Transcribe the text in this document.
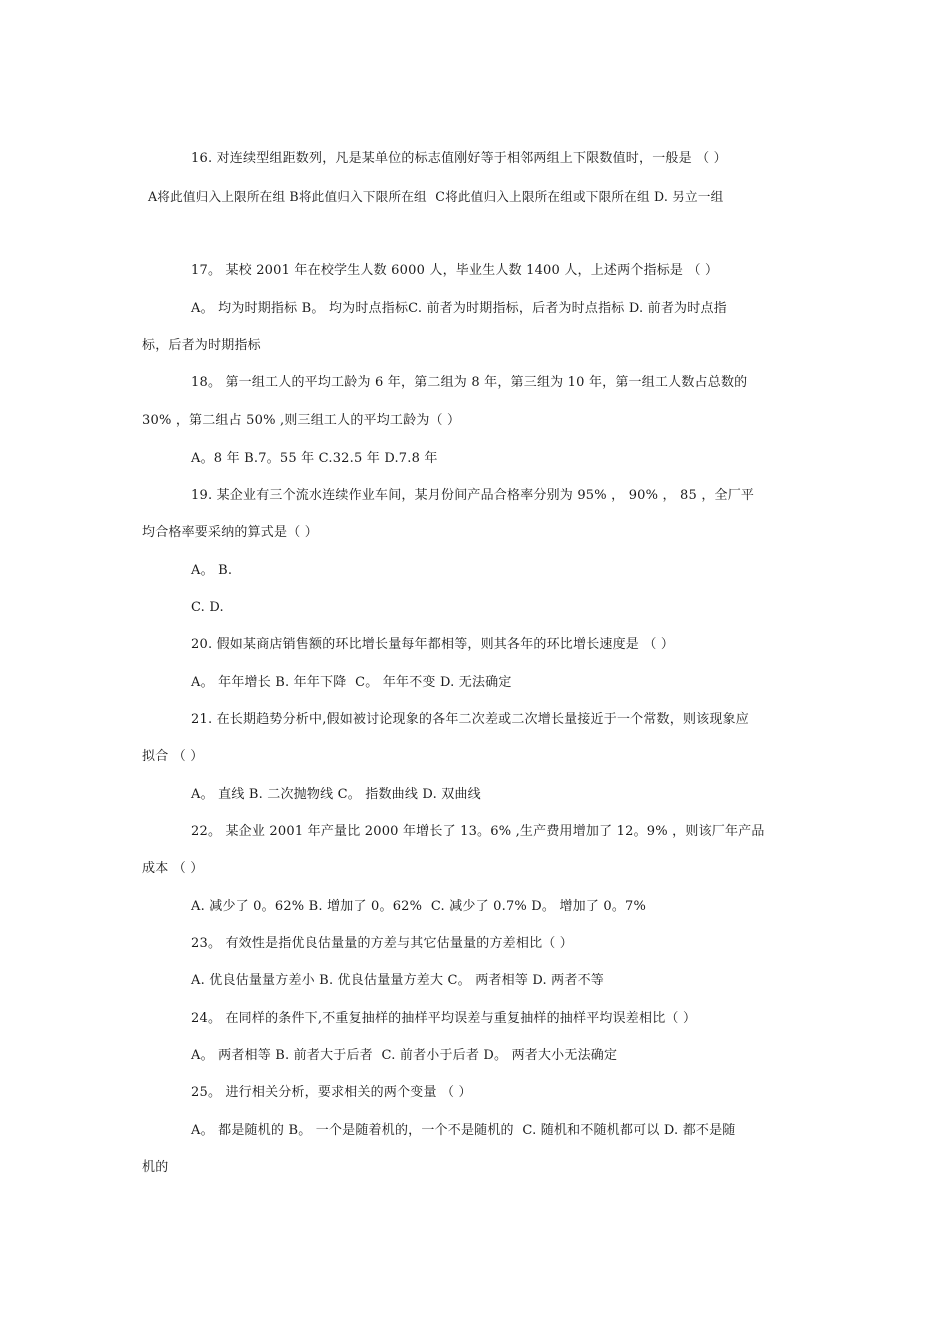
16. 对连续型组距数列，凡是某单位的标志值刚好等于相邻两组上下限数值时，一般是 （ ）
A将此值归入上限所在组 B将此值归入下限所在组  C将此值归入上限所在组或下限所在组 D. 另立一组
17。 某校 2001 年在校学生人数 6000 人，毕业生人数 1400 人，上述两个指标是 （ ）
A。 均为时期指标 B。 均为时点指标C. 前者为时期指标，后者为时点指标 D. 前者为时点指
标，后者为时期指标
18。 第一组工人的平均工龄为 6 年，第二组为 8 年，第三组为 10 年，第一组工人数占总数的
30% ，第二组占 50% ,则三组工人的平均工龄为（ ）
A。8 年 B.7。55 年 C.32.5 年 D.7.8 年
19. 某企业有三个流水连续作业车间，某月份间产品合格率分别为 95% ， 90% ， 85 ，全厂平
均合格率要采纳的算式是（ ）
A。 B.
C. D.
20. 假如某商店销售额的环比增长量每年都相等，则其各年的环比增长速度是 （ ）
A。 年年增长 B. 年年下降  C。 年年不变 D. 无法确定
21. 在长期趋势分析中,假如被讨论现象的各年二次差或二次增长量接近于一个常数，则该现象应
拟合 （ ）
A。 直线 B. 二次抛物线 C。 指数曲线 D. 双曲线
22。 某企业 2001 年产量比 2000 年增长了 13。6% ,生产费用增加了 12。9% ，则该厂年产品
成本 （ ）
A. 减少了 0。62% B. 增加了 0。62%  C. 减少了 0.7% D。 增加了 0。7%
23。 有效性是指优良估量量的方差与其它估量量的方差相比（ ）
A. 优良估量量方差小 B. 优良估量量方差大 C。 两者相等 D. 两者不等
24。 在同样的条件下,不重复抽样的抽样平均误差与重复抽样的抽样平均误差相比（ ）
A。 两者相等 B. 前者大于后者  C. 前者小于后者 D。 两者大小无法确定
25。 进行相关分析，要求相关的两个变量 （ ）
A。 都是随机的 B。 一个是随着机的，一个不是随机的  C. 随机和不随机都可以 D. 都不是随
机的
